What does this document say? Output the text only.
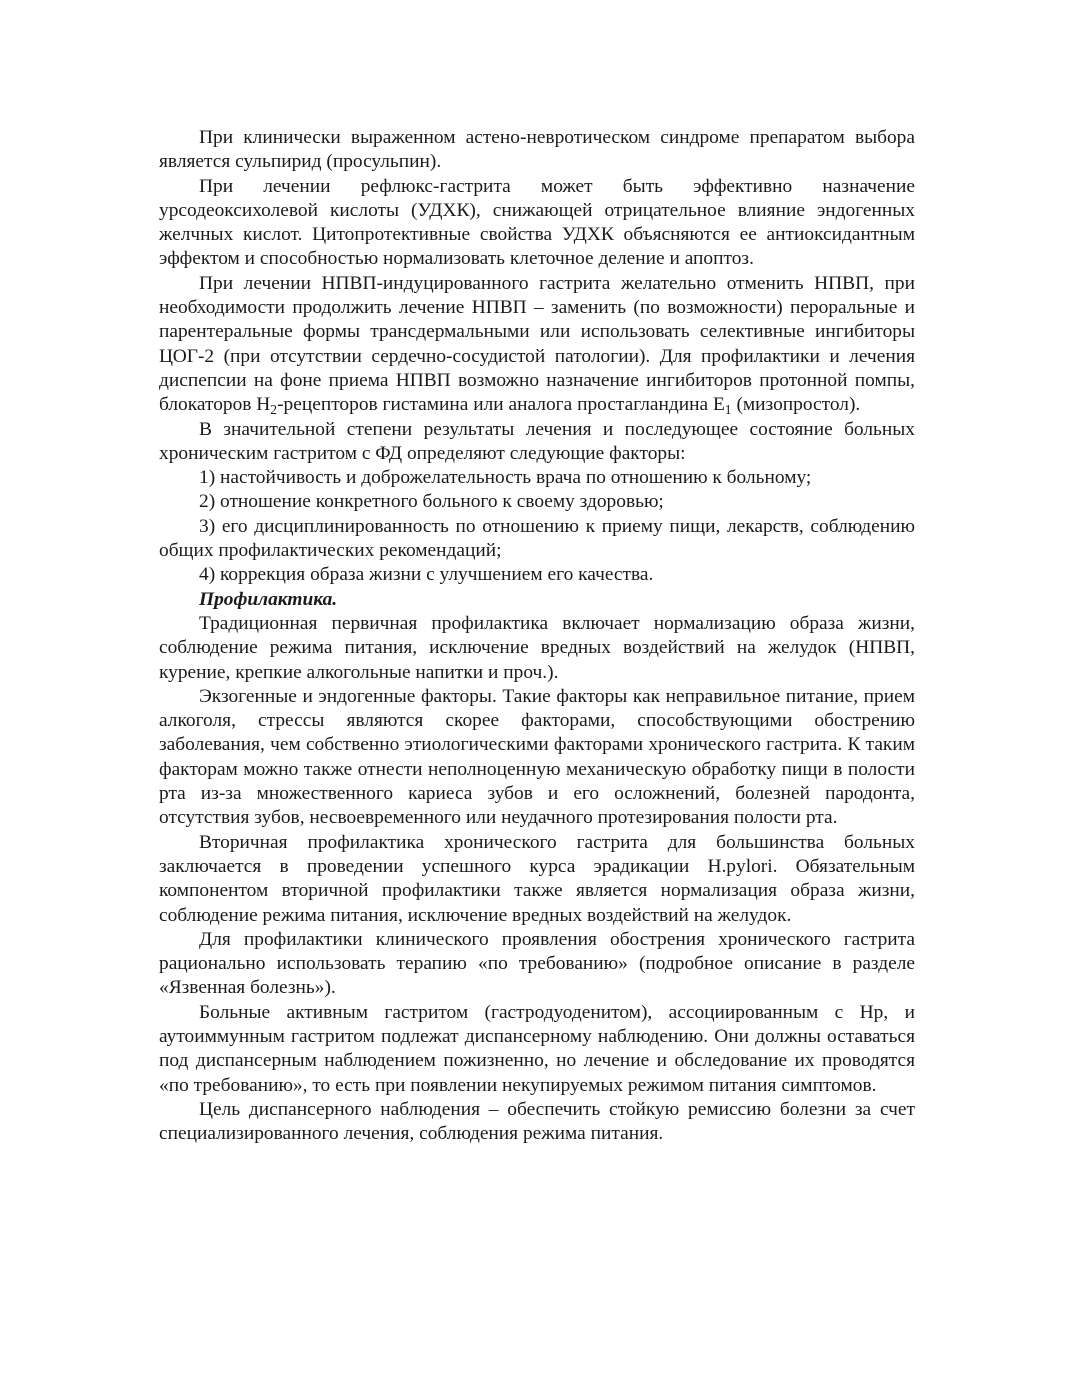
При клинически выраженном астено-невротическом синдроме препаратом выбора является сульпирид (просульпин).

При лечении рефлюкс-гастрита может быть эффективно назначение урсодеоксихолевой кислоты (УДХК), снижающей отрицательное влияние эндогенных желчных кислот. Цитопротективные свойства УДХК объясняются ее антиоксидантным эффектом и способностью нормализовать клеточное деление и апоптоз.

При лечении НПВП-индуцированного гастрита желательно отменить НПВП, при необходимости продолжить лечение НПВП – заменить (по возможности) пероральные и парентеральные формы трансдермальными или использовать селективные ингибиторы ЦОГ-2 (при отсутствии сердечно-сосудистой патологии). Для профилактики и лечения диспепсии на фоне приема НПВП возможно назначение ингибиторов протонной помпы, блокаторов $Н_2$-рецепторов гистамина или аналога простагландина $Е_1$ (мизопростол).

В значительной степени результаты лечения и последующее состояние больных хроническим гастритом с ФД определяют следующие факторы:

1) настойчивость и доброжелательность врача по отношению к больному;

2) отношение конкретного больного к своему здоровью;

3) его дисциплинированность по отношению к приему пищи, лекарств, соблюдению общих профилактических рекомендаций;

4) коррекция образа жизни с улучшением его качества.

Профилактика.

Традиционная первичная профилактика включает нормализацию образа жизни, соблюдение режима питания, исключение вредных воздействий на желудок (НПВП, курение, крепкие алкогольные напитки и проч.).

Экзогенные и эндогенные факторы. Такие факторы как неправильное питание, прием алкоголя, стрессы являются скорее факторами, способствующими обострению заболевания, чем собственно этиологическими факторами хронического гастрита. К таким факторам можно также отнести неполноценную механическую обработку пищи в полости рта из-за множественного кариеса зубов и его осложнений, болезней пародонта, отсутствия зубов, несвоевременного или неудачного протезирования полости рта.

Вторичная профилактика хронического гастрита для большинства больных заключается в проведении успешного курса эрадикации H.pylori. Обязательным компонентом вторичной профилактики также является нормализация образа жизни, соблюдение режима питания, исключение вредных воздействий на желудок.

Для профилактики клинического проявления обострения хронического гастрита рационально использовать терапию «по требованию» (подробное описание в разделе «Язвенная болезнь»).

Больные активным гастритом (гастродуоденитом), ассоциированным с Hp, и аутоиммунным гастритом подлежат диспансерному наблюдению. Они должны оставаться под диспансерным наблюдением пожизненно, но лечение и обследование их проводятся «по требованию», то есть при появлении некупируемых режимом питания симптомов.

Цель диспансерного наблюдения – обеспечить стойкую ремиссию болезни за счет специализированного лечения, соблюдения режима питания.
